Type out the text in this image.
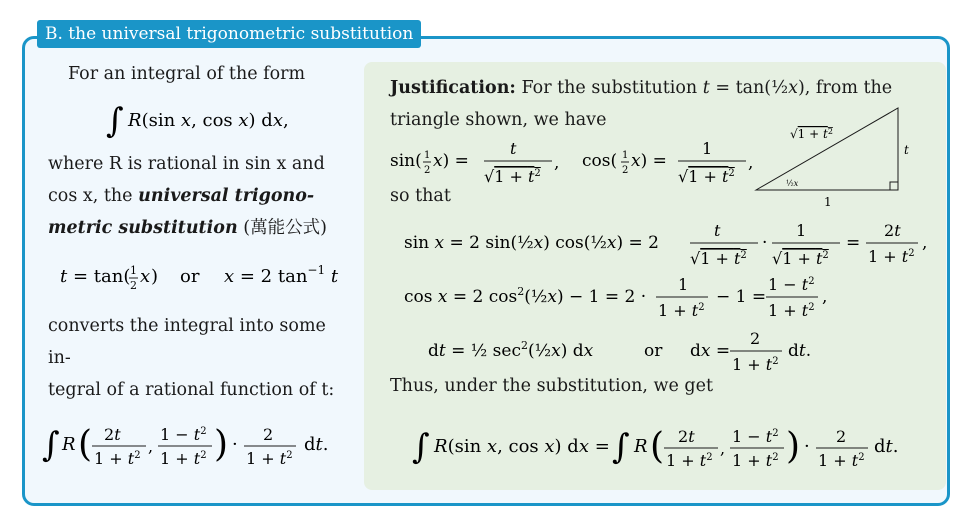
B. the universal trigonometric substitution

For an integral of the form

∫ R(sin x, cos x) dx,

where R is rational in sin x and

cos x, the universal trigono-

metric substitution (萬能公式)

t = tan( 1
2 x ) or x = 2 $\tan^{-1} t$

converts the integral into some in-

tegral of a rational function of t:

∫ R ( 2t
$1 + t^2$ ,
$1 - t^2$
$1 + t^2$ ) · 2
$1 + t^2$
dt.
Justification: For the substitution t = tan(½x), from the
triangle shown, we have
sin( 1
2 x) =
t
$√1 + t^2$
, cos( 1
2 x) =
1
$√1 + t^2$
,
$√1 + t^2$
t
1
½x
so that
sin x = 2 sin(½x) cos(½x) = 2
t
$√1 + t^2$
·
1
$√1 + t^2$
=
2t
$1 + t^2$
,
cos x = 2 $\cos^2(\frac{1}{2}x) - 1 = 2$ ·
1
$1 + t^2$
− 1 =
$1 - t^2$
$1 + t^2$
,
dt = ½ $\sec^2(\frac{1}{2}x)$ dx	or dx =
2
$1 + t^2$
dt.
Thus, under the substitution, we get
∫ R(sin x, cos x) dx = ∫ R ( 2t
$1 + t^2$ ,
$1 - t^2$
$1 + t^2$ ) · 2
$1 + t^2$
dt.
